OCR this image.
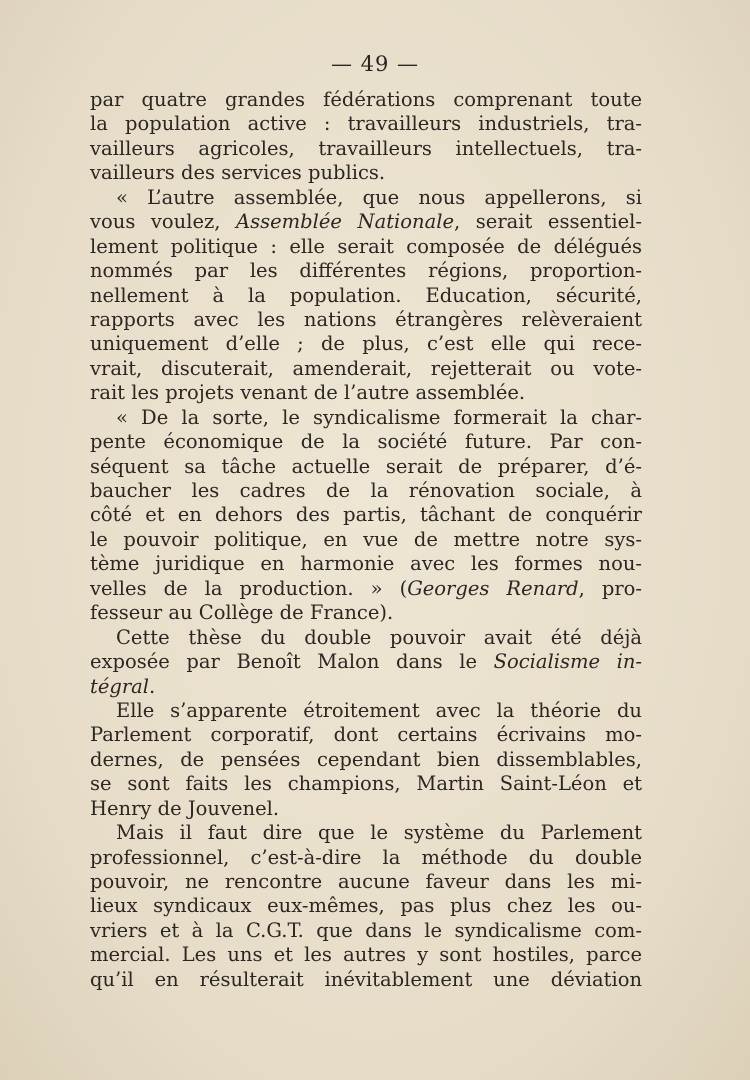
— 49 —
par quatre grandes fédérations comprenant toute
la population active : travailleurs industriels, tra-
vailleurs agricoles, travailleurs intellectuels, tra-
vailleurs des services publics.
« L’autre assemblée, que nous appellerons, si
vous voulez, Assemblée Nationale, serait essentiel-
lement politique : elle serait composée de délégués
nommés par les différentes régions, proportion-
nellement à la population. Education, sécurité,
rapports avec les nations étrangères relèveraient
uniquement d’elle ; de plus, c’est elle qui rece-
vrait, discuterait, amenderait, rejetterait ou vote-
rait les projets venant de l’autre assemblée.
« De la sorte, le syndicalisme formerait la char-
pente économique de la société future. Par con-
séquent sa tâche actuelle serait de préparer, d’é-
baucher les cadres de la rénovation sociale, à
côté et en dehors des partis, tâchant de conquérir
le pouvoir politique, en vue de mettre notre sys-
tème juridique en harmonie avec les formes nou-
velles de la production. » (Georges Renard, pro-
fesseur au Collège de France).
Cette thèse du double pouvoir avait été déjà
exposée par Benoît Malon dans le Socialisme in-
tégral.
Elle s’apparente étroitement avec la théorie du
Parlement corporatif, dont certains écrivains mo-
dernes, de pensées cependant bien dissemblables,
se sont faits les champions, Martin Saint-Léon et
Henry de Jouvenel.
Mais il faut dire que le système du Parlement
professionnel, c’est-à-dire la méthode du double
pouvoir, ne rencontre aucune faveur dans les mi-
lieux syndicaux eux-mêmes, pas plus chez les ou-
vriers et à la C.G.T. que dans le syndicalisme com-
mercial. Les uns et les autres y sont hostiles, parce
qu’il en résulterait inévitablement une déviation
